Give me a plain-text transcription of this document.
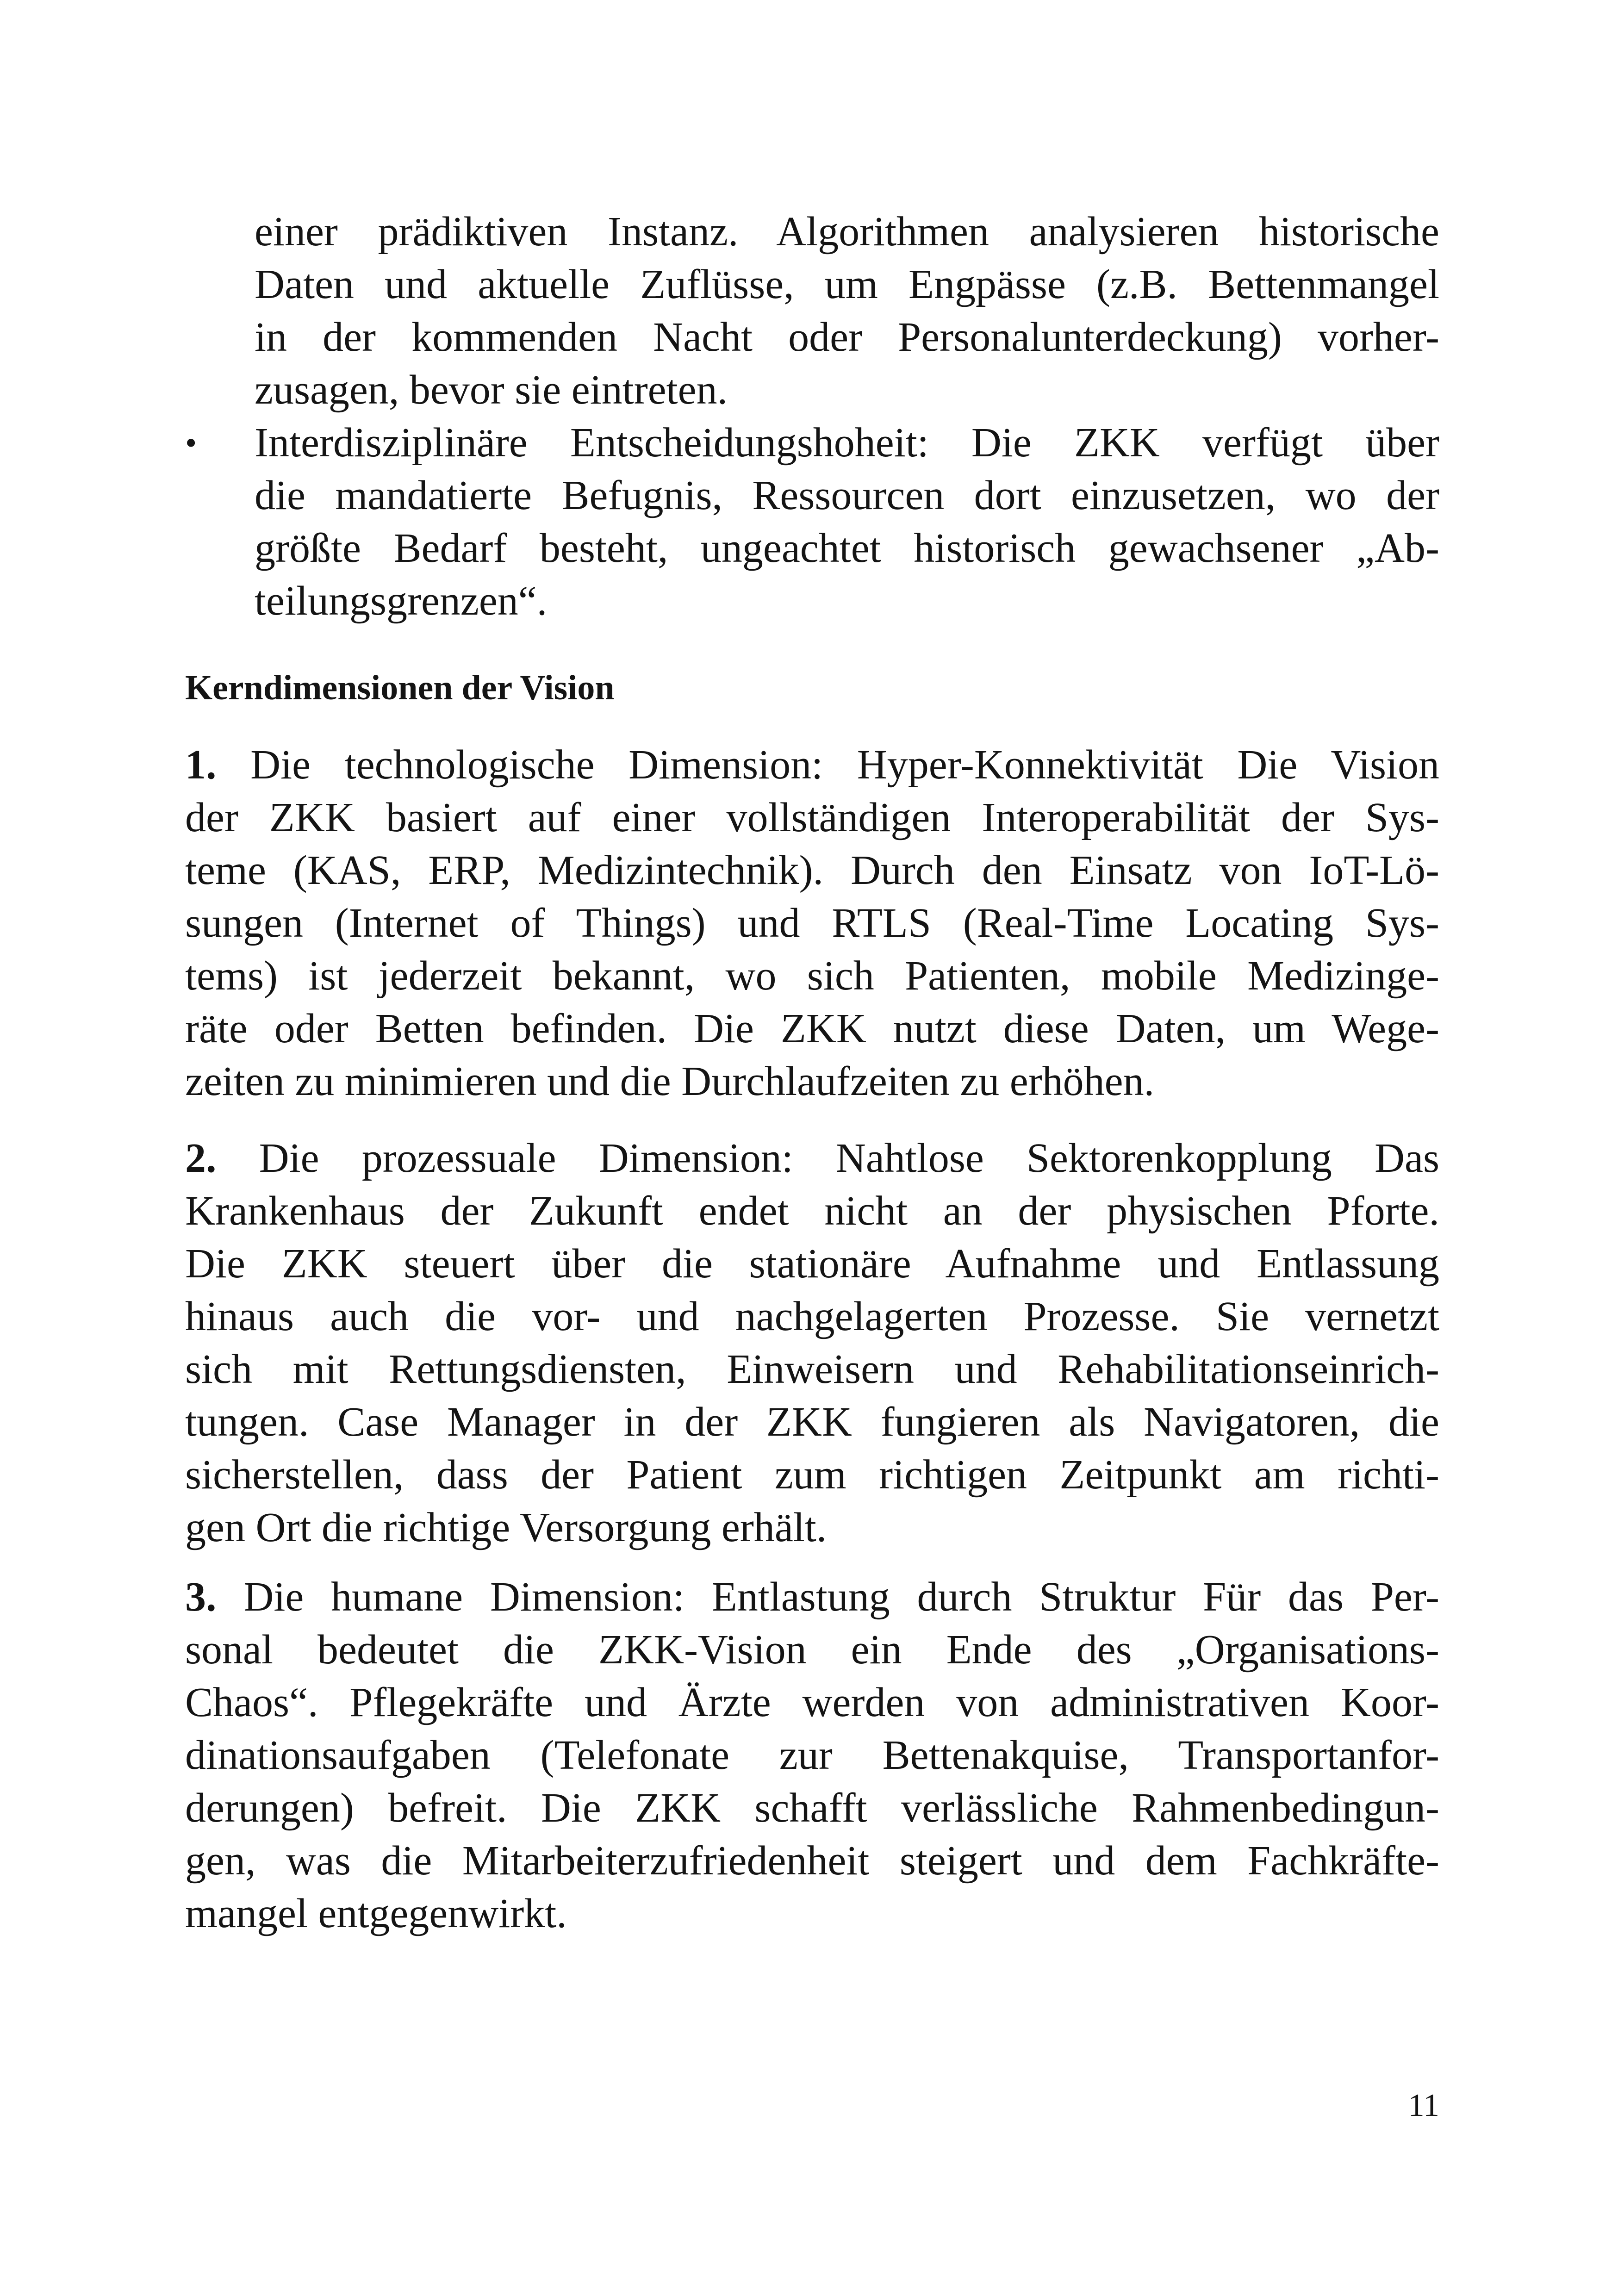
einer prädiktiven Instanz. Algorithmen analysieren historische
Daten und aktuelle Zuflüsse, um Engpässe (z.B. Bettenmangel
in der kommenden Nacht oder Personalunterdeckung) vorher-
zusagen, bevor sie eintreten.
•	Interdisziplinäre Entscheidungshoheit: Die ZKK verfügt über
die mandatierte Befugnis, Ressourcen dort einzusetzen, wo der
größte Bedarf besteht, ungeachtet historisch gewachsener „Ab-
teilungsgrenzen“.
Kerndimensionen der Vision
1. Die technologische Dimension: Hyper-Konnektivität Die Vision
der ZKK basiert auf einer vollständigen Interoperabilität der Sys-
teme (KAS, ERP, Medizintechnik). Durch den Einsatz von IoT-Lö-
sungen (Internet of Things) und RTLS (Real-Time Locating Sys-
tems) ist jederzeit bekannt, wo sich Patienten, mobile Medizinge-
räte oder Betten befinden. Die ZKK nutzt diese Daten, um Wege-
zeiten zu minimieren und die Durchlaufzeiten zu erhöhen.
2. Die prozessuale Dimension: Nahtlose Sektorenkopplung Das
Krankenhaus der Zukunft endet nicht an der physischen Pforte.
Die ZKK steuert über die stationäre Aufnahme und Entlassung
hinaus auch die vor- und nachgelagerten Prozesse. Sie vernetzt
sich mit Rettungsdiensten, Einweisern und Rehabilitationseinrich-
tungen. Case Manager in der ZKK fungieren als Navigatoren, die
sicherstellen, dass der Patient zum richtigen Zeitpunkt am richti-
gen Ort die richtige Versorgung erhält.
3. Die humane Dimension: Entlastung durch Struktur Für das Per-
sonal bedeutet die ZKK-Vision ein Ende des „Organisations-
Chaos“. Pflegekräfte und Ärzte werden von administrativen Koor-
dinationsaufgaben (Telefonate zur Bettenakquise, Transportanfor-
derungen) befreit. Die ZKK schafft verlässliche Rahmenbedingun-
gen, was die Mitarbeiterzufriedenheit steigert und dem Fachkräfte-
mangel entgegenwirkt.
11
